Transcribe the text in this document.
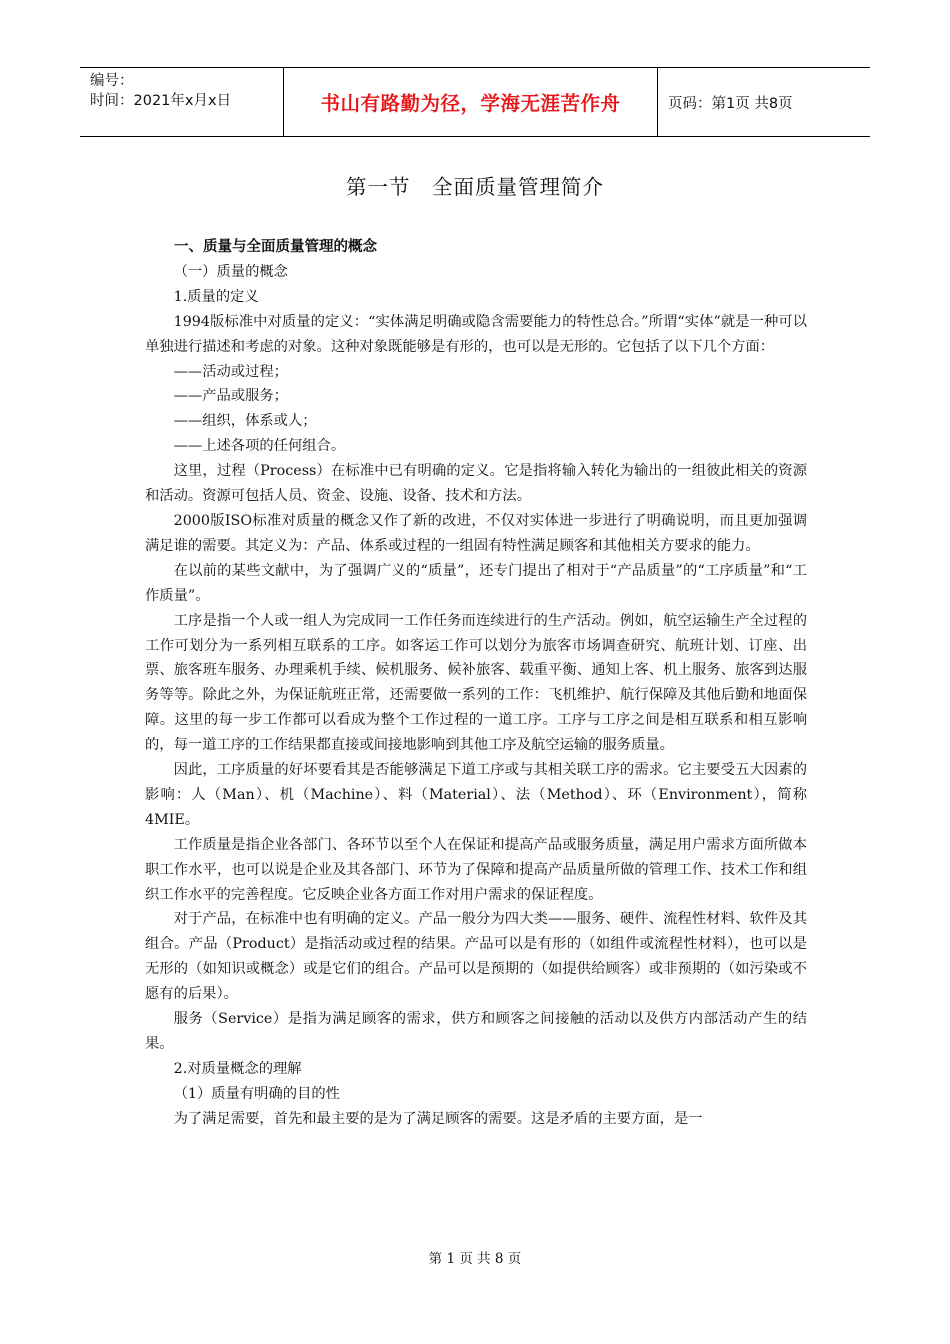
编号：
时间：2021年x月x日	书山有路勤为径，学海无涯苦作舟	页码：第1页 共8页
第一节　全面质量管理简介

一、质量与全面质量管理的概念

（一）质量的概念

1.质量的定义

1994版标准中对质量的定义：“实体满足明确或隐含需要能力的特性总合。”所谓“实体”就是一种可以单独进行描述和考虑的对象。这种对象既能够是有形的，也可以是无形的。它包括了以下几个方面：

——活动或过程；

——产品或服务；

——组织，体系或人；

——上述各项的任何组合。

这里，过程（Process）在标准中已有明确的定义。它是指将输入转化为输出的一组彼此相关的资源和活动。资源可包括人员、资金、设施、设备、技术和方法。

2000版ISO标准对质量的概念又作了新的改进，不仅对实体进一步进行了明确说明，而且更加强调满足谁的需要。其定义为：产品、体系或过程的一组固有特性满足顾客和其他相关方要求的能力。

在以前的某些文献中，为了强调广义的“质量”，还专门提出了相对于“产品质量”的“工序质量”和“工作质量”。

工序是指一个人或一组人为完成同一工作任务而连续进行的生产活动。例如，航空运输生产全过程的工作可划分为一系列相互联系的工序。如客运工作可以划分为旅客市场调查研究、航班计划、订座、出票、旅客班车服务、办理乘机手续、候机服务、候补旅客、载重平衡、通知上客、机上服务、旅客到达服务等等。除此之外，为保证航班正常，还需要做一系列的工作：飞机维护、航行保障及其他后勤和地面保障。这里的每一步工作都可以看成为整个工作过程的一道工序。工序与工序之间是相互联系和相互影响的，每一道工序的工作结果都直接或间接地影响到其他工序及航空运输的服务质量。

因此，工序质量的好坏要看其是否能够满足下道工序或与其相关联工序的需求。它主要受五大因素的影响：人（Man）、机（Machine）、料（Material）、法（Method）、环（Environment），简称4MIE。

工作质量是指企业各部门、各环节以至个人在保证和提高产品或服务质量，满足用户需求方面所做本职工作水平，也可以说是企业及其各部门、环节为了保障和提高产品质量所做的管理工作、技术工作和组织工作水平的完善程度。它反映企业各方面工作对用户需求的保证程度。

对于产品，在标准中也有明确的定义。产品一般分为四大类——服务、硬件、流程性材料、软件及其组合。产品（Product）是指活动或过程的结果。产品可以是有形的（如组件或流程性材料），也可以是无形的（如知识或概念）或是它们的组合。产品可以是预期的（如提供给顾客）或非预期的（如污染或不愿有的后果）。

服务（Service）是指为满足顾客的需求，供方和顾客之间接触的活动以及供方内部活动产生的结果。

2.对质量概念的理解

（1）质量有明确的目的性

为了满足需要，首先和最主要的是为了满足顾客的需要。这是矛盾的主要方面，是一

第 1 页 共 8 页
